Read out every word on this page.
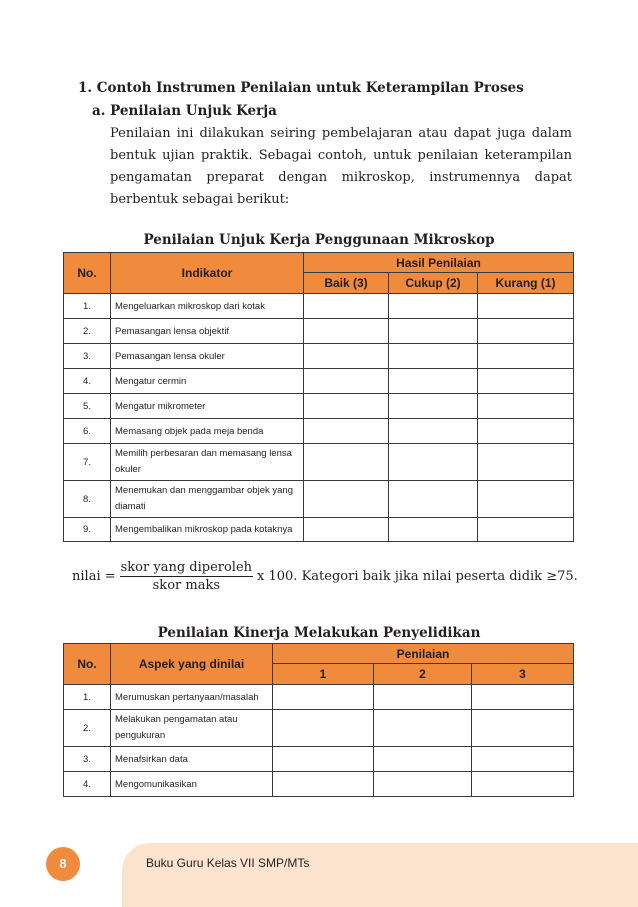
1. Contoh Instrumen Penilaian untuk Keterampilan Proses
a. Penilaian Unjuk Kerja

Penilaian ini dilakukan seiring pembelajaran atau dapat juga dalam bentuk ujian praktik. Sebagai contoh, untuk penilaian keterampilan pengamatan preparat dengan mikroskop, instrumennya dapat berbentuk sebagai berikut:

Penilaian Unjuk Kerja Penggunaan Mikroskop
No.	Indikator	Hasil Penilaian		
		Baik (3)	Cukup (2)	Kurang (1)
1.	Mengeluarkan mikroskop dari kotak			
2.	Pemasangan lensa objektif			
3.	Pemasangan lensa okuler			
4.	Mengatur cermin			
5.	Mengatur mikrometer			
6.	Memasang objek pada meja benda			
7.	Memilih perbesaran dan memasang lensa okuler			
8.	Menemukan dan menggambar objek yang diamati			
9.	Mengembalikan mikroskop pada kotaknya			
nilai = $\frac{\text{skor yang diperoleh}}{\text{skor maks}}$ x 100. Kategori baik jika nilai peserta didik ≥75.
Penilaian Kinerja Melakukan Penyelidikan
No.	Aspek yang dinilai	Penilaian		
		1	2	3
1.	Merumuskan pertanyaan/masalah			
2.	Melakukan pengamatan atau pengukuran			
3.	Menafsirkan data			
4.	Mengomunikasikan			
8	Buku Guru Kelas VII SMP/MTs
